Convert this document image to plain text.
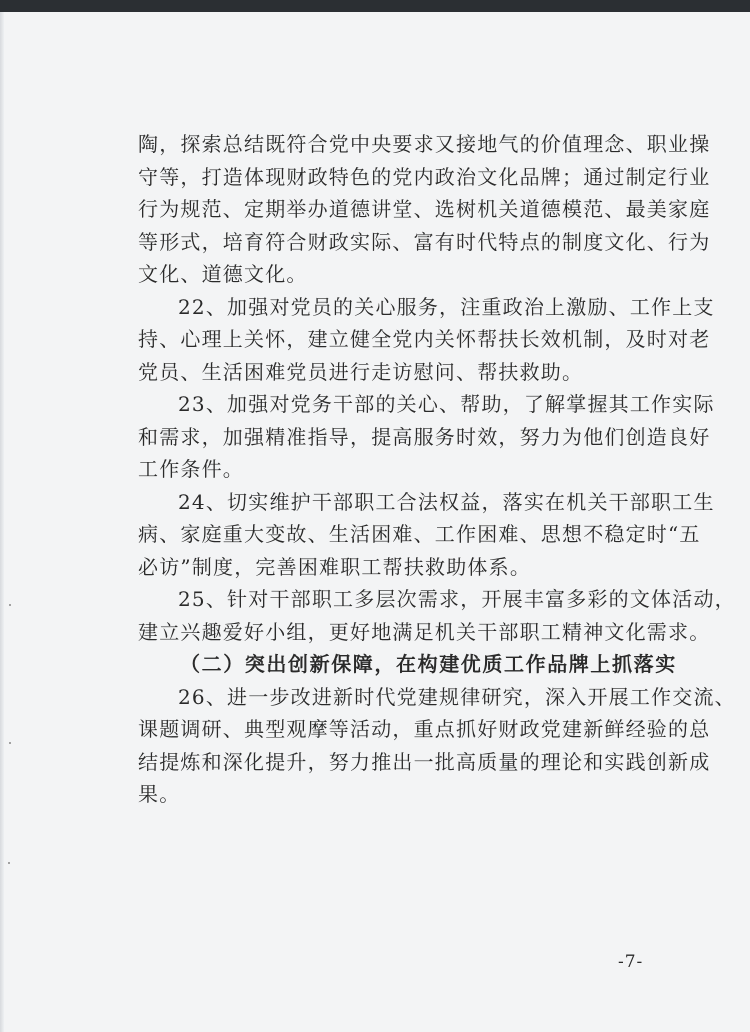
陶，探索总结既符合党中央要求又接地气的价值理念、职业操
守等，打造体现财政特色的党内政治文化品牌；通过制定行业
行为规范、定期举办道德讲堂、选树机关道德模范、最美家庭
等形式，培育符合财政实际、富有时代特点的制度文化、行为
文化、道德文化。
22、加强对党员的关心服务，注重政治上激励、工作上支
持、心理上关怀，建立健全党内关怀帮扶长效机制，及时对老
党员、生活困难党员进行走访慰问、帮扶救助。
23、加强对党务干部的关心、帮助，了解掌握其工作实际
和需求，加强精准指导，提高服务时效，努力为他们创造良好
工作条件。
24、切实维护干部职工合法权益，落实在机关干部职工生
病、家庭重大变故、生活困难、工作困难、思想不稳定时“五
必访”制度，完善困难职工帮扶救助体系。
25、针对干部职工多层次需求，开展丰富多彩的文体活动，
建立兴趣爱好小组，更好地满足机关干部职工精神文化需求。
（二）突出创新保障，在构建优质工作品牌上抓落实
26、进一步改进新时代党建规律研究，深入开展工作交流、
课题调研、典型观摩等活动，重点抓好财政党建新鲜经验的总
结提炼和深化提升，努力推出一批高质量的理论和实践创新成
果。
-7-
